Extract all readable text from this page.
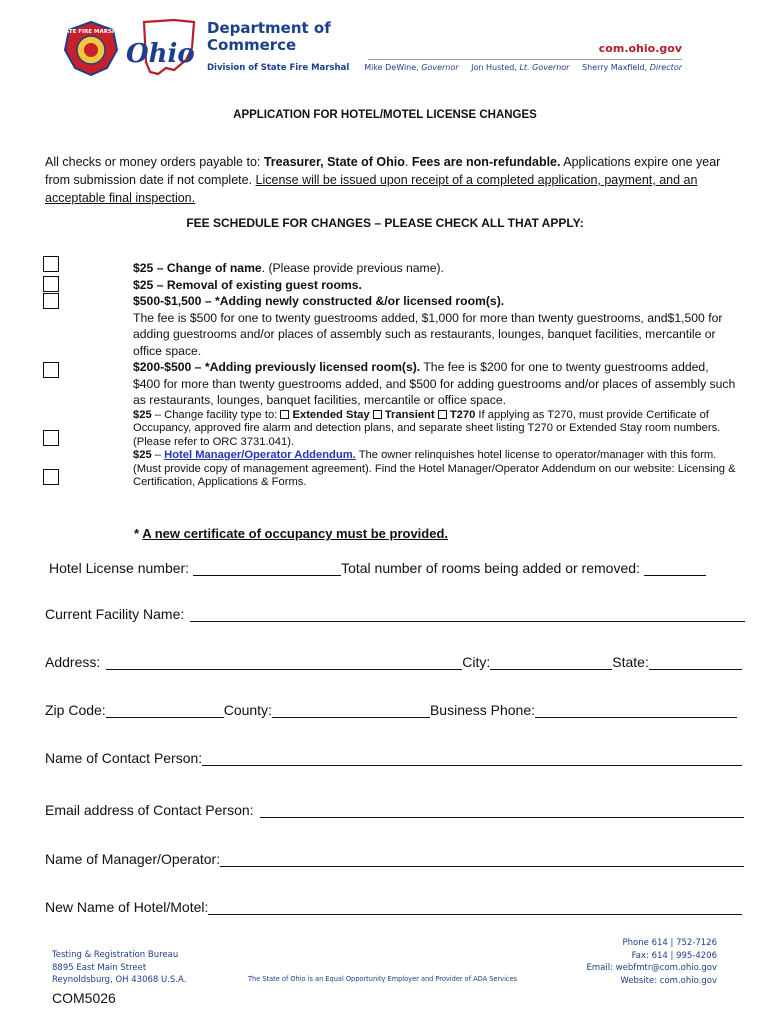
STATE FIRE MARSHAL
Ohio
Department of
Commerce
Division of State Fire Marshal
com.ohio.gov
Mike DeWine, Governor Jon Husted, Lt. Governor Sherry Maxfield, Director
APPLICATION FOR HOTEL/MOTEL LICENSE CHANGES
All checks or money orders payable to: Treasurer, State of Ohio. Fees are non-refundable. Applications expire one year from submission date if not complete. License will be issued upon receipt of a completed application, payment, and an acceptable final inspection.
FEE SCHEDULE FOR CHANGES – PLEASE CHECK ALL THAT APPLY:
$25 – Change of name. (Please provide previous name).
$25 – Removal of existing guest rooms.
$500-$1,500 – *Adding newly constructed &/or licensed room(s).
The fee is $500 for one to twenty guestrooms added, $1,000 for more than twenty guestrooms, and$1,500 for adding guestrooms and/or places of assembly such as restaurants, lounges, banquet facilities, mercantile or office space.
$200-$500 – *Adding previously licensed room(s). The fee is $200 for one to twenty guestrooms added, $400 for more than twenty guestrooms added, and $500 for adding guestrooms and/or places of assembly such as restaurants, lounges, banquet facilities, mercantile or office space.
$25 – Change facility type to:  Extended Stay Transient T270 If applying as T270, must provide Certificate of Occupancy, approved fire alarm and detection plans, and separate sheet listing T270 or Extended Stay room numbers. (Please refer to ORC 3731.041).
$25 – Hotel Manager/Operator Addendum. The owner relinquishes hotel license to operator/manager with this form. (Must provide copy of management agreement). Find the Hotel Manager/Operator Addendum on our website: Licensing & Certification, Applications & Forms.
* A new certificate of occupancy must be provided.
Hotel License number:	Total number of rooms being added or removed:
Current Facility Name:
Address:	City:	State:
Zip Code:	County:	Business Phone:
Name of Contact Person:
Email address of Contact Person:
Name of Manager/Operator:
New Name of Hotel/Motel:
Testing & Registration Bureau
8895 East Main Street
Reynoldsburg, OH 43068 U.S.A.	The State of Ohio is an Equal Opportunity Employer and Provider of ADA Services
Phone 614 | 752-7126
Fax: 614 | 995-4206
Email: webfmtr@com.ohio.gov
Website: com.ohio.gov
COM5026
